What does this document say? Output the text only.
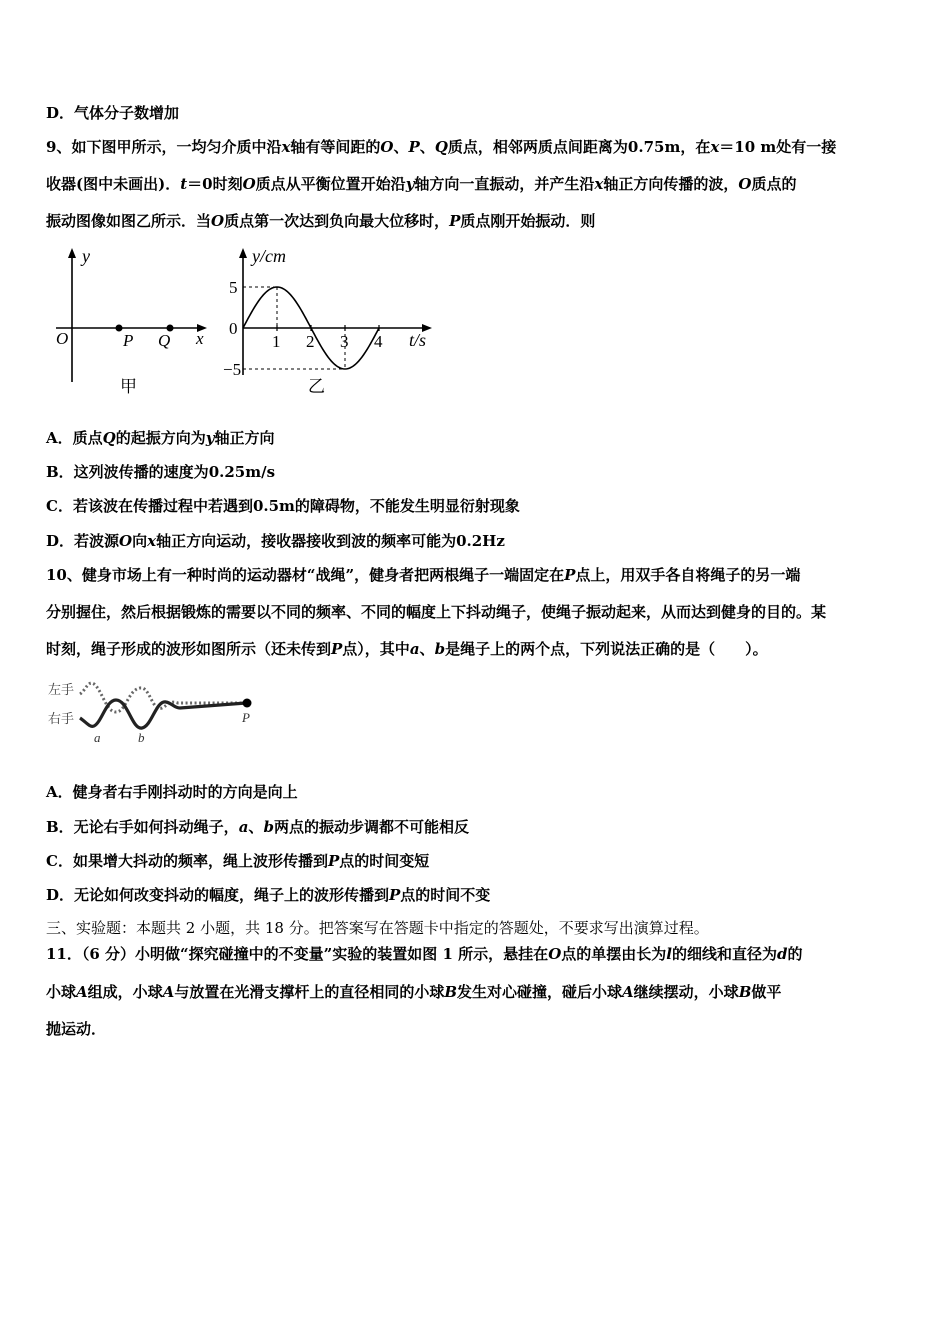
D．气体分子数增加
9、如下图甲所示，一均匀介质中沿x轴有等间距的O、P、Q质点，相邻两质点间距离为0.75m，在x＝10 m处有一接
收器(图中未画出)．t＝0时刻O质点从平衡位置开始沿y轴方向一直振动，并产生沿x轴正方向传播的波，O质点的
振动图像如图乙所示．当O质点第一次达到负向最大位移时，P质点刚开始振动．则
y
O	P Q x
甲
y/cm
t/s
乙
1 2 3 4
5
0
−5
A．质点Q的起振方向为y轴正方向
B．这列波传播的速度为0.25m/s
C．若该波在传播过程中若遇到0.5m的障碍物，不能发生明显衍射现象
D．若波源O向x轴正方向运动，接收器接收到波的频率可能为0.2Hz
10、健身市场上有一种时尚的运动器材“战绳”，健身者把两根绳子一端固定在P点上，用双手各自将绳子的另一端
分别握住，然后根据锻炼的需要以不同的频率、不同的幅度上下抖动绳子，使绳子振动起来，从而达到健身的目的。某
时刻，绳子形成的波形如图所示（还未传到P点），其中a、b是绳子上的两个点，下列说法正确的是（　　）。
左手
右手
a	b
P
A．健身者右手刚抖动时的方向是向上
B．无论右手如何抖动绳子，a、b两点的振动步调都不可能相反
C．如果增大抖动的频率，绳上波形传播到P点的时间变短
D．无论如何改变抖动的幅度，绳子上的波形传播到P点的时间不变
三、实验题：本题共 2 小题，共 18 分。把答案写在答题卡中指定的答题处，不要求写出演算过程。
11．（6 分）小明做“探究碰撞中的不变量”实验的装置如图 1 所示，悬挂在O点的单摆由长为l的细线和直径为d的
小球A组成，小球A与放置在光滑支撑杆上的直径相同的小球B发生对心碰撞，碰后小球A继续摆动，小球B做平
抛运动．
